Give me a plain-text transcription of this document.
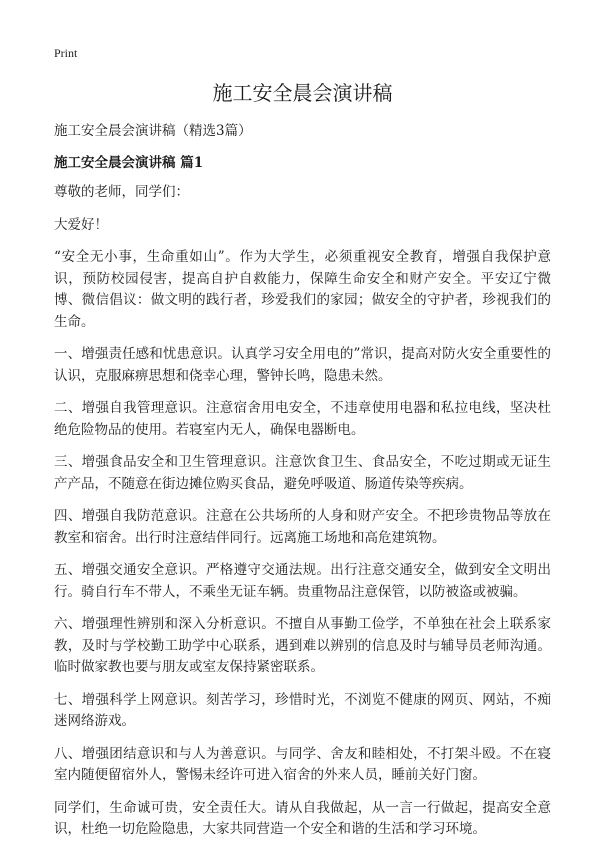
Print
施工安全晨会演讲稿

施工安全晨会演讲稿（精选3篇）

施工安全晨会演讲稿 篇1

尊敬的老师，同学们：

大爱好！

“安全无小事，生命重如山”。作为大学生，必须重视安全教育，增强自我保护意识，预防校园侵害，提高自护自救能力，保障生命安全和财产安全。平安辽宁微博、微信倡议：做文明的践行者，珍爱我们的家园；做安全的守护者，珍视我们的生命。

一、增强责任感和忧患意识。认真学习安全用电的”常识，提高对防火安全重要性的认识，克服麻痹思想和侥幸心理，警钟长鸣，隐患未然。

二、增强自我管理意识。注意宿舍用电安全，不违章使用电器和私拉电线，坚决杜绝危险物品的使用。若寝室内无人，确保电器断电。

三、增强食品安全和卫生管理意识。注意饮食卫生、食品安全，不吃过期或无证生产产品，不随意在街边摊位购买食品，避免呼吸道、肠道传染等疾病。

四、增强自我防范意识。注意在公共场所的人身和财产安全。不把珍贵物品等放在教室和宿舍。出行时注意结伴同行。远离施工场地和高危建筑物。

五、增强交通安全意识。严格遵守交通法规。出行注意交通安全，做到安全文明出行。骑自行车不带人，不乘坐无证车辆。贵重物品注意保管，以防被盗或被骗。

六、增强理性辨别和深入分析意识。不擅自从事勤工俭学，不单独在社会上联系家教，及时与学校勤工助学中心联系，遇到难以辨别的信息及时与辅导员老师沟通。临时做家教也要与朋友或室友保持紧密联系。

七、增强科学上网意识。刻苦学习，珍惜时光，不浏览不健康的网页、网站，不痴迷网络游戏。

八、增强团结意识和与人为善意识。与同学、舍友和睦相处，不打架斗殴。不在寝室内随便留宿外人，警惕未经许可进入宿舍的外来人员，睡前关好门窗。

同学们，生命诚可贵，安全责任大。请从自我做起，从一言一行做起，提高安全意识，杜绝一切危险隐患，大家共同营造一个安全和谐的生活和学习环境。
